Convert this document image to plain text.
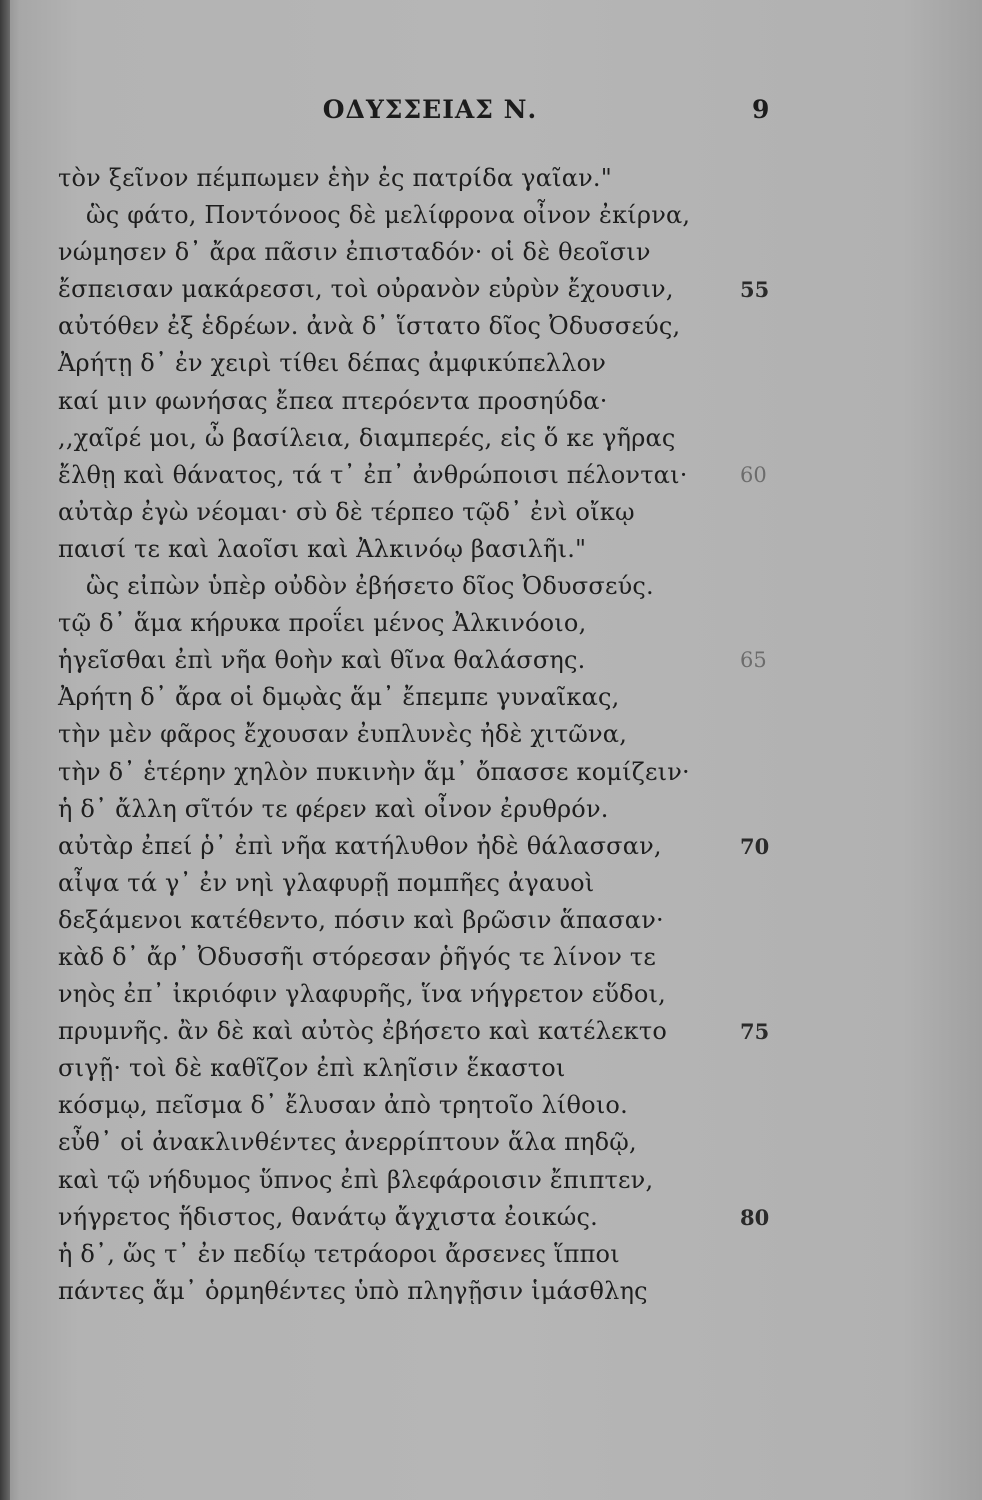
ΟΔΥΣΣΕΙΑΣ Ν.	9
τὸν ξεῖνον πέμπωμεν ἑὴν ἐς πατρίδα γαῖαν."
ὣς φάτο, Ποντόνοος δὲ μελίφρονα οἶνον ἐκίρνα,
νώμησεν δ᾽ ἄρα πᾶσιν ἐπισταδόν· οἱ δὲ θεοῖσιν
ἔσπεισαν μακάρεσσι, τοὶ οὐρανὸν εὐρὺν ἔχουσιν,
αὐτόθεν ἐξ ἑδρέων. ἀνὰ δ᾽ ἵστατο δῖος Ὀδυσσεύς,
Ἀρήτῃ δ᾽ ἐν χειρὶ τίθει δέπας ἀμφικύπελλον
καί μιν φωνήσας ἔπεα πτερόεντα προσηύδα·
,,χαῖρέ μοι, ὦ βασίλεια, διαμπερές, εἰς ὅ κε γῆρας
ἔλθῃ καὶ θάνατος, τά τ᾽ ἐπ᾽ ἀνθρώποισι πέλονται·
αὐτὰρ ἐγὼ νέομαι· σὺ δὲ τέρπεο τῷδ᾽ ἐνὶ οἴκῳ
παισί τε καὶ λαοῖσι καὶ Ἀλκινόῳ βασιλῆι."
ὣς εἰπὼν ὑπὲρ οὐδὸν ἐβήσετο δῖος Ὀδυσσεύς.
τῷ δ᾽ ἅμα κήρυκα προΐει μένος Ἀλκινόοιο,
ἡγεῖσθαι ἐπὶ νῆα θοὴν καὶ θῖνα θαλάσσης.
Ἀρήτη δ᾽ ἄρα οἱ δμῳὰς ἅμ᾽ ἔπεμπε γυναῖκας,
τὴν μὲν φᾶρος ἔχουσαν ἐυπλυνὲς ἠδὲ χιτῶνα,
τὴν δ᾽ ἑτέρην χηλὸν πυκινὴν ἅμ᾽ ὄπασσε κομίζειν·
ἡ δ᾽ ἄλλη σῖτόν τε φέρεν καὶ οἶνον ἐρυθρόν.
αὐτὰρ ἐπεί ῥ᾽ ἐπὶ νῆα κατήλυθον ἠδὲ θάλασσαν,
αἶψα τά γ᾽ ἐν νηὶ γλαφυρῇ πομπῆες ἀγαυοὶ
δεξάμενοι κατέθεντο, πόσιν καὶ βρῶσιν ἅπασαν·
κὰδ δ᾽ ἄρ᾽ Ὀδυσσῆι στόρεσαν ῥῆγός τε λίνον τε
νηὸς ἐπ᾽ ἰκριόφιν γλαφυρῆς, ἵνα νήγρετον εὕδοι,
πρυμνῆς. ἂν δὲ καὶ αὐτὸς ἐβήσετο καὶ κατέλεκτο
σιγῇ· τοὶ δὲ καθῖζον ἐπὶ κληῖσιν ἕκαστοι
κόσμῳ, πεῖσμα δ᾽ ἔλυσαν ἀπὸ τρητοῖο λίθοιο.
εὖθ᾽ οἱ ἀνακλινθέντες ἀνερρίπτουν ἅλα πηδῷ,
καὶ τῷ νήδυμος ὕπνος ἐπὶ βλεφάροισιν ἔπιπτεν,
νήγρετος ἥδιστος, θανάτῳ ἄγχιστα ἐοικώς.
ἡ δ᾽, ὥς τ᾽ ἐν πεδίῳ τετράοροι ἄρσενες ἵπποι
πάντες ἅμ᾽ ὁρμηθέντες ὑπὸ πληγῇσιν ἱμάσθλης
55
60
65
70
75
80
